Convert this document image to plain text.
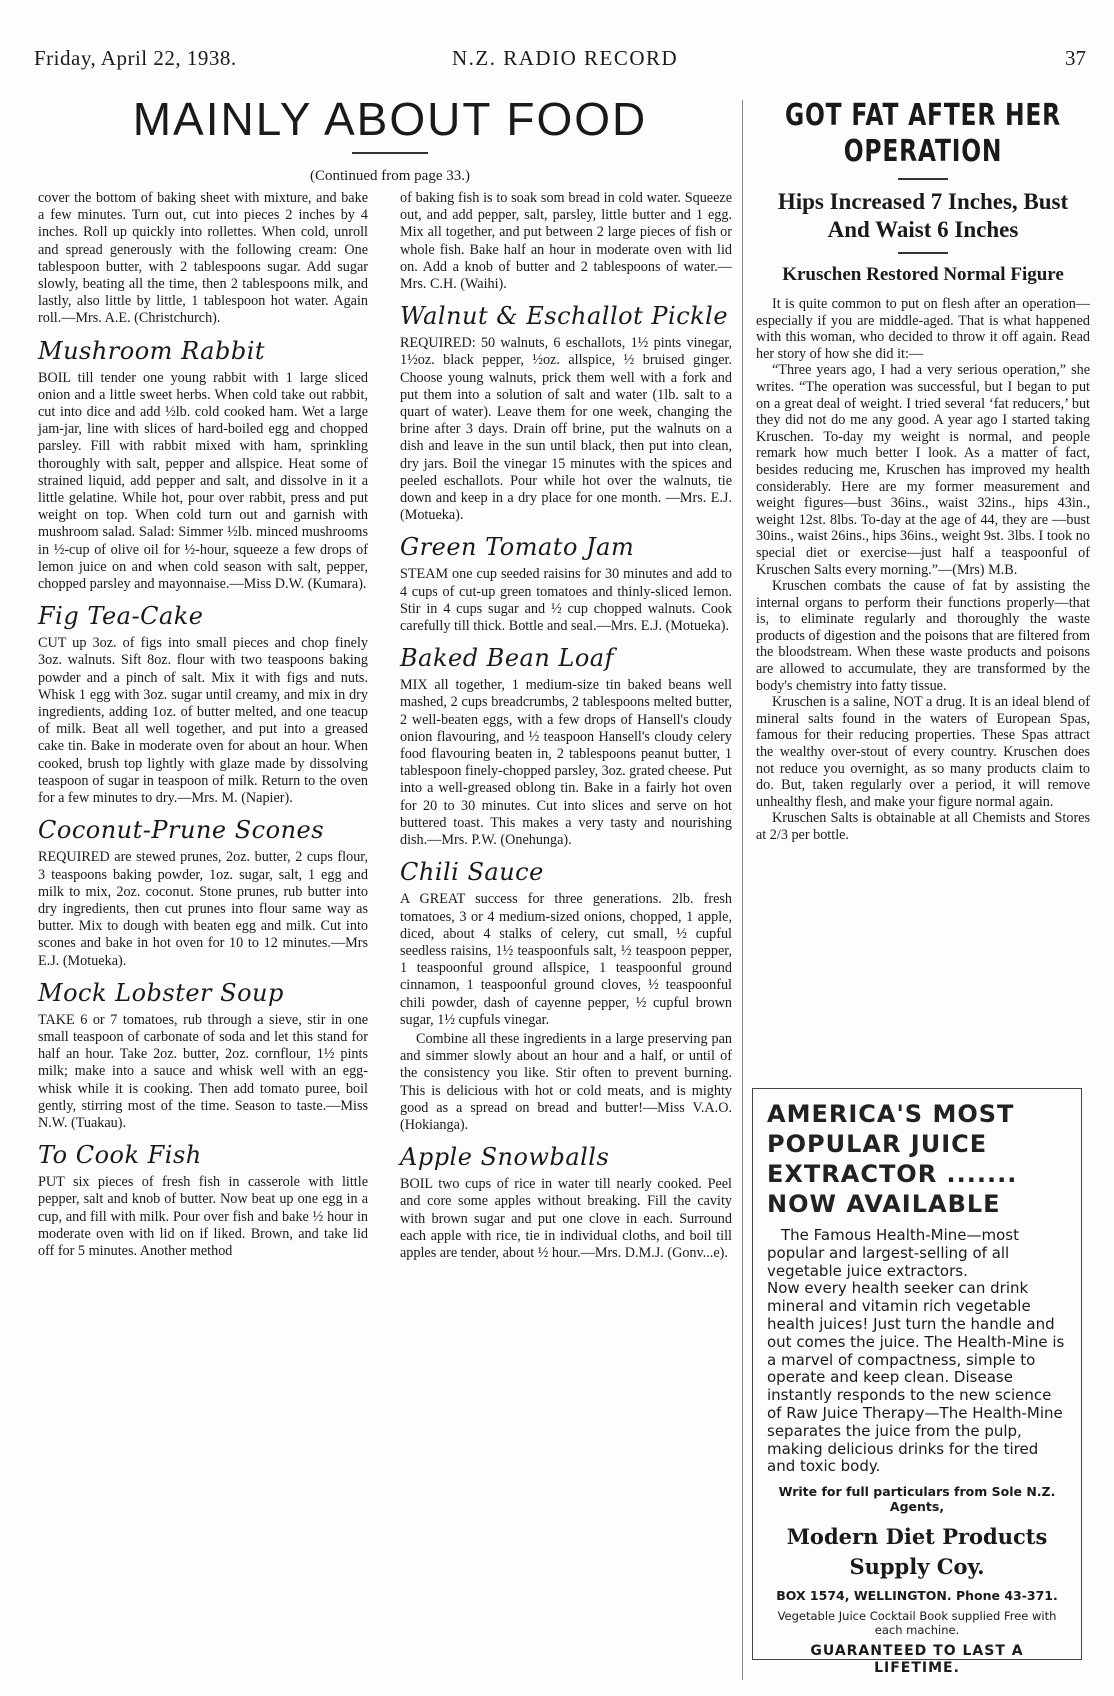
Friday, April 22, 1938.	N.Z. RADIO RECORD	37
MAINLY ABOUT FOOD
(Continued from page 33.)

cover the bottom of baking sheet with mixture, and bake a few minutes. Turn out, cut into pieces 2 inches by 4 inches. Roll up quickly into rollettes. When cold, unroll and spread generously with the following cream: One tablespoon butter, with 2 tablespoons sugar. Add sugar slowly, beating all the time, then 2 tablespoons milk, and lastly, also little by little, 1 tablespoon hot water. Again roll.—Mrs. A.E. (Christchurch).

Mushroom Rabbit

BOIL till tender one young rabbit with 1 large sliced onion and a little sweet herbs. When cold take out rabbit, cut into dice and add ½lb. cold cooked ham. Wet a large jam-jar, line with slices of hard-boiled egg and chopped parsley. Fill with rabbit mixed with ham, sprinkling thoroughly with salt, pepper and allspice. Heat some of strained liquid, add pepper and salt, and dissolve in it a little gelatine. While hot, pour over rabbit, press and put weight on top. When cold turn out and garnish with mushroom salad. Salad: Simmer ½lb. minced mushrooms in ½-cup of olive oil for ½-hour, squeeze a few drops of lemon juice on and when cold season with salt, pepper, chopped parsley and mayonnaise.—Miss D.W. (Kumara).

Fig Tea-Cake

CUT up 3oz. of figs into small pieces and chop finely 3oz. walnuts. Sift 8oz. flour with two teaspoons baking powder and a pinch of salt. Mix it with figs and nuts. Whisk 1 egg with 3oz. sugar until creamy, and mix in dry ingredients, adding 1oz. of butter melted, and one teacup of milk. Beat all well together, and put into a greased cake tin. Bake in moderate oven for about an hour. When cooked, brush top lightly with glaze made by dissolving teaspoon of sugar in teaspoon of milk. Return to the oven for a few minutes to dry.—Mrs. M. (Napier).

Coconut-Prune Scones

REQUIRED are stewed prunes, 2oz. butter, 2 cups flour, 3 teaspoons baking powder, 1oz. sugar, salt, 1 egg and milk to mix, 2oz. coconut. Stone prunes, rub butter into dry ingredients, then cut prunes into flour same way as butter. Mix to dough with beaten egg and milk. Cut into scones and bake in hot oven for 10 to 12 minutes.—Mrs E.J. (Motueka).

Mock Lobster Soup

TAKE 6 or 7 tomatoes, rub through a sieve, stir in one small teaspoon of carbonate of soda and let this stand for half an hour. Take 2oz. butter, 2oz. cornflour, 1½ pints milk; make into a sauce and whisk well with an egg-whisk while it is cooking. Then add tomato puree, boil gently, stirring most of the time. Season to taste.—Miss N.W. (Tuakau).

To Cook Fish

PUT six pieces of fresh fish in casserole with little pepper, salt and knob of butter. Now beat up one egg in a cup, and fill with milk. Pour over fish and bake ½ hour in moderate oven with lid on if liked. Brown, and take lid off for 5 minutes. Another method

of baking fish is to soak som bread in cold water. Squeeze out, and add pepper, salt, parsley, little butter and 1 egg. Mix all together, and put between 2 large pieces of fish or whole fish. Bake half an hour in moderate oven with lid on. Add a knob of butter and 2 tablespoons of water.—Mrs. C.H. (Waihi).

Walnut & Eschallot Pickle

REQUIRED: 50 walnuts, 6 eschallots, 1½ pints vinegar, 1½oz. black pepper, ½oz. allspice, ½ bruised ginger. Choose young walnuts, prick them well with a fork and put them into a solution of salt and water (1lb. salt to a quart of water). Leave them for one week, changing the brine after 3 days. Drain off brine, put the walnuts on a dish and leave in the sun until black, then put into clean, dry jars. Boil the vinegar 15 minutes with the spices and peeled eschallots. Pour while hot over the walnuts, tie down and keep in a dry place for one month. —Mrs. E.J. (Motueka).

Green Tomato Jam

STEAM one cup seeded raisins for 30 minutes and add to 4 cups of cut-up green tomatoes and thinly-sliced lemon. Stir in 4 cups sugar and ½ cup chopped walnuts. Cook carefully till thick. Bottle and seal.—Mrs. E.J. (Motueka).

Baked Bean Loaf

MIX all together, 1 medium-size tin baked beans well mashed, 2 cups breadcrumbs, 2 tablespoons melted butter, 2 well-beaten eggs, with a few drops of Hansell's cloudy onion flavouring, and ½ teaspoon Hansell's cloudy celery food flavouring beaten in, 2 tablespoons peanut butter, 1 tablespoon finely-chopped parsley, 3oz. grated cheese. Put into a well-greased oblong tin. Bake in a fairly hot oven for 20 to 30 minutes. Cut into slices and serve on hot buttered toast. This makes a very tasty and nourishing dish.—Mrs. P.W. (Onehunga).

Chili Sauce

A GREAT success for three generations. 2lb. fresh tomatoes, 3 or 4 medium-sized onions, chopped, 1 apple, diced, about 4 stalks of celery, cut small, ½ cupful seedless raisins, 1½ teaspoonfuls salt, ½ teaspoon pepper, 1 teaspoonful ground allspice, 1 teaspoonful ground cinnamon, 1 teaspoonful ground cloves, ½ teaspoonful chili powder, dash of cayenne pepper, ½ cupful brown sugar, 1½ cupfuls vinegar.

Combine all these ingredients in a large preserving pan and simmer slowly about an hour and a half, or until of the consistency you like. Stir often to prevent burning. This is delicious with hot or cold meats, and is mighty good as a spread on bread and butter!—Miss V.A.O. (Hokianga).

Apple Snowballs

BOIL two cups of rice in water till nearly cooked. Peel and core some apples without breaking. Fill the cavity with brown sugar and put one clove in each. Surround each apple with rice, tie in individual cloths, and boil till apples are tender, about ½ hour.—Mrs. D.M.J. (Gonv...e).

GOT FAT AFTER HER OPERATION
Hips Increased 7 Inches, Bust And Waist 6 Inches
Kruschen Restored Normal Figure

It is quite common to put on flesh after an operation—especially if you are middle-aged. That is what happened with this woman, who decided to throw it off again. Read her story of how she did it:—

“Three years ago, I had a very serious operation,” she writes. “The operation was successful, but I began to put on a great deal of weight. I tried several ‘fat reducers,’ but they did not do me any good. A year ago I started taking Kruschen. To-day my weight is normal, and people remark how much better I look. As a matter of fact, besides reducing me, Kruschen has improved my health considerably. Here are my former measurement and weight figures—bust 36ins., waist 32ins., hips 43in., weight 12st. 8lbs. To-day at the age of 44, they are —bust 30ins., waist 26ins., hips 36ins., weight 9st. 3lbs. I took no special diet or exercise—just half a teaspoonful of Kruschen Salts every morning.”—(Mrs) M.B.

Kruschen combats the cause of fat by assisting the internal organs to perform their functions properly—that is, to eliminate regularly and thoroughly the waste products of digestion and the poisons that are filtered from the bloodstream. When these waste products and poisons are allowed to accumulate, they are transformed by the body's chemistry into fatty tissue.

Kruschen is a saline, NOT a drug. It is an ideal blend of mineral salts found in the waters of European Spas, famous for their reducing properties. These Spas attract the wealthy over-stout of every country. Kruschen does not reduce you overnight, as so many products claim to do. But, taken regularly over a period, it will remove unhealthy flesh, and make your figure normal again.

Kruschen Salts is obtainable at all Chemists and Stores at 2/3 per bottle.

AMERICA'S MOST POPULAR JUICE EXTRACTOR ....... NOW AVAILABLE

The Famous Health-Mine—most popular and largest-selling of all vegetable juice extractors.

Now every health seeker can drink mineral and vitamin rich vegetable health juices! Just turn the handle and out comes the juice. The Health-Mine is a marvel of compactness, simple to operate and keep clean. Disease instantly responds to the new science of Raw Juice Therapy—The Health-Mine separates the juice from the pulp, making delicious drinks for the tired and toxic body.

Write for full particulars from Sole N.Z. Agents,
Modern Diet Products Supply Coy.
BOX 1574, WELLINGTON. Phone 43-371.
Vegetable Juice Cocktail Book supplied Free with each machine.
GUARANTEED TO LAST A LIFETIME.
